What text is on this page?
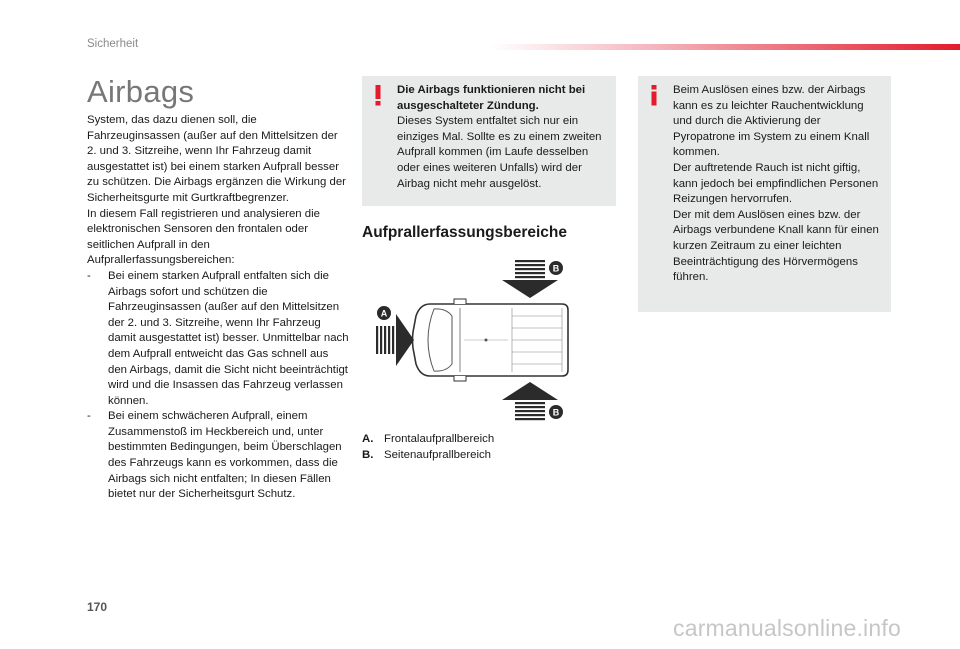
Sicherheit
Airbags

System, das dazu dienen soll, die Fahrzeuginsassen (außer auf den Mittelsitzen der 2. und 3. Sitzreihe, wenn Ihr Fahrzeug damit ausgestattet ist) bei einem starken Aufprall besser zu schützen. Die Airbags ergänzen die Wirkung der Sicherheitsgurte mit Gurtkraftbegrenzer.

In diesem Fall registrieren und analysieren die elektronischen Sensoren den frontalen oder seitlichen Aufprall in den Aufprallerfassungsbereichen:

- Bei einem starken Aufprall entfalten sich die Airbags sofort und schützen die Fahrzeuginsassen (außer auf den Mittelsitzen der 2. und 3. Sitzreihe, wenn Ihr Fahrzeug damit ausgestattet ist) besser. Unmittelbar nach dem Aufprall entweicht das Gas schnell aus den Airbags, damit die Sicht nicht beeinträchtigt wird und die Insassen das Fahrzeug verlassen können.
- Bei einem schwächeren Aufprall, einem Zusammenstoß im Heckbereich und, unter bestimmten Bedingungen, beim Überschlagen des Fahrzeugs kann es vorkommen, dass die Airbags sich nicht entfalten; In diesen Fällen bietet nur der Sicherheitsgurt Schutz.

Die Airbags funktionieren nicht bei ausgeschalteter Zündung.

Dieses System entfaltet sich nur ein einziges Mal. Sollte es zu einem zweiten Aufprall kommen (im Laufe desselben oder eines weiteren Unfalls) wird der Airbag nicht mehr ausgelöst.

Beim Auslösen eines bzw. der Airbags kann es zu leichter Rauchentwicklung und durch die Aktivierung der Pyropatrone im System zu einem Knall kommen.

Der auftretende Rauch ist nicht giftig, kann jedoch bei empfindlichen Personen Reizungen hervorrufen.

Der mit dem Auslösen eines bzw. der Airbags verbundene Knall kann für einen kurzen Zeitraum zu einer leichten Beeinträchtigung des Hörvermögens führen.

Aufprallerfassungsbereiche
B
A
B
A. Frontalaufprallbereich
B. Seitenaufprallbereich
170
carmanualsonline.info
